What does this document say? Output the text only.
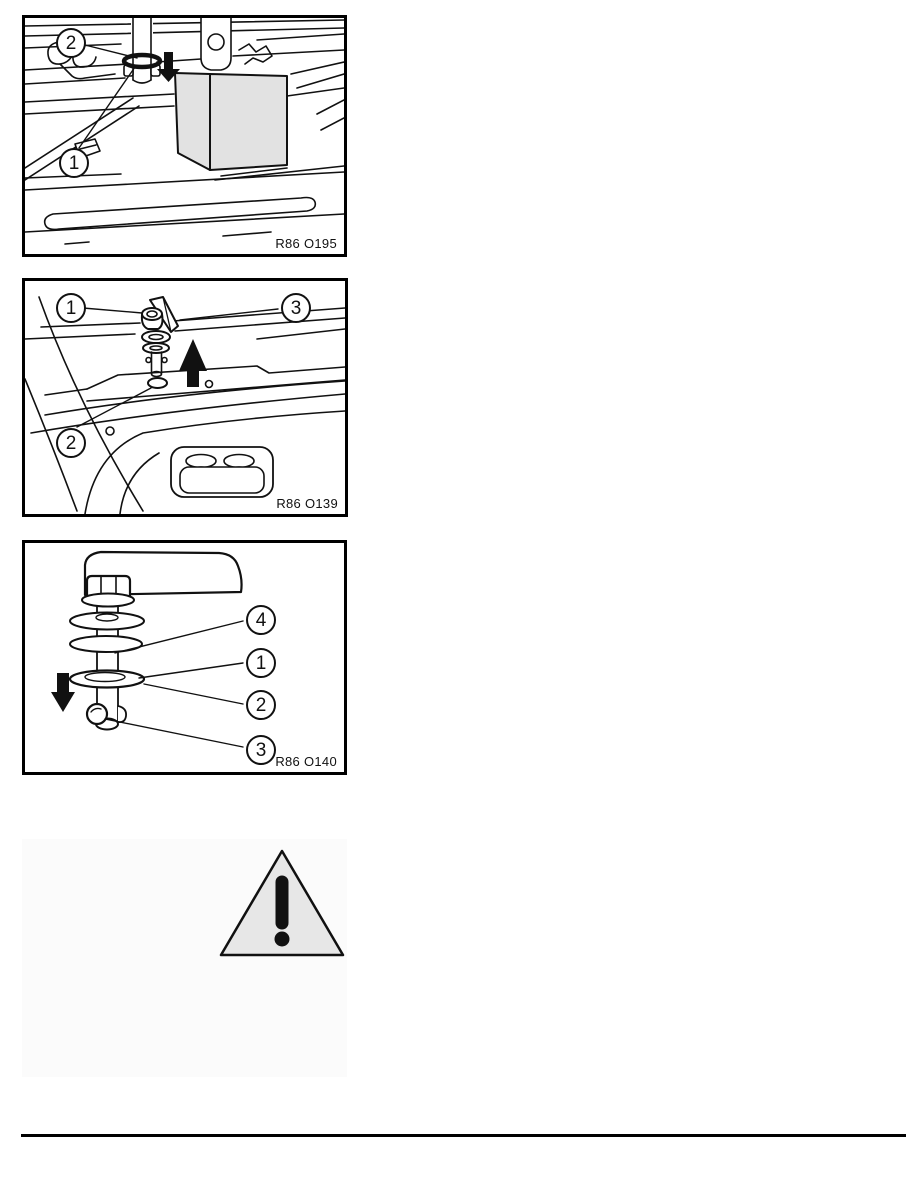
2
1
R86 O195
1	3
2
R86 O139
4
1
2
3
R86 O140
